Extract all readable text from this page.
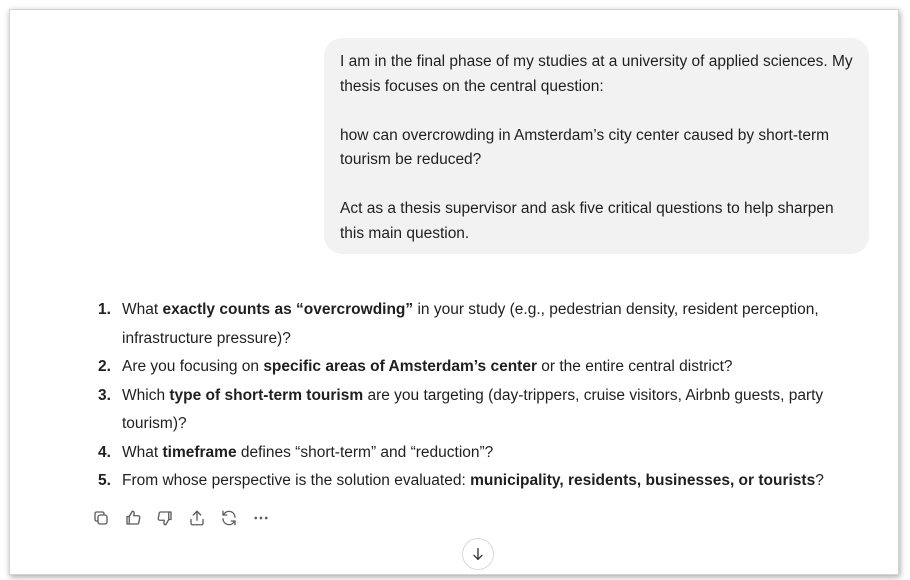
I am in the final phase of my studies at a university of applied sciences. My thesis focuses on the central question:

how can overcrowding in Amsterdam’s city center caused by short-term tourism be reduced?

Act as a thesis supervisor and ask five critical questions to help sharpen this main question.

1. What exactly counts as “overcrowding” in your study (e.g., pedestrian density, resident perception, infrastructure pressure)?
2. Are you focusing on specific areas of Amsterdam’s center or the entire central district?
3. Which type of short-term tourism are you targeting (day-trippers, cruise visitors, Airbnb guests, party tourism)?
4. What timeframe defines “short-term” and “reduction”?
5. From whose perspective is the solution evaluated: municipality, residents, businesses, or tourists?
